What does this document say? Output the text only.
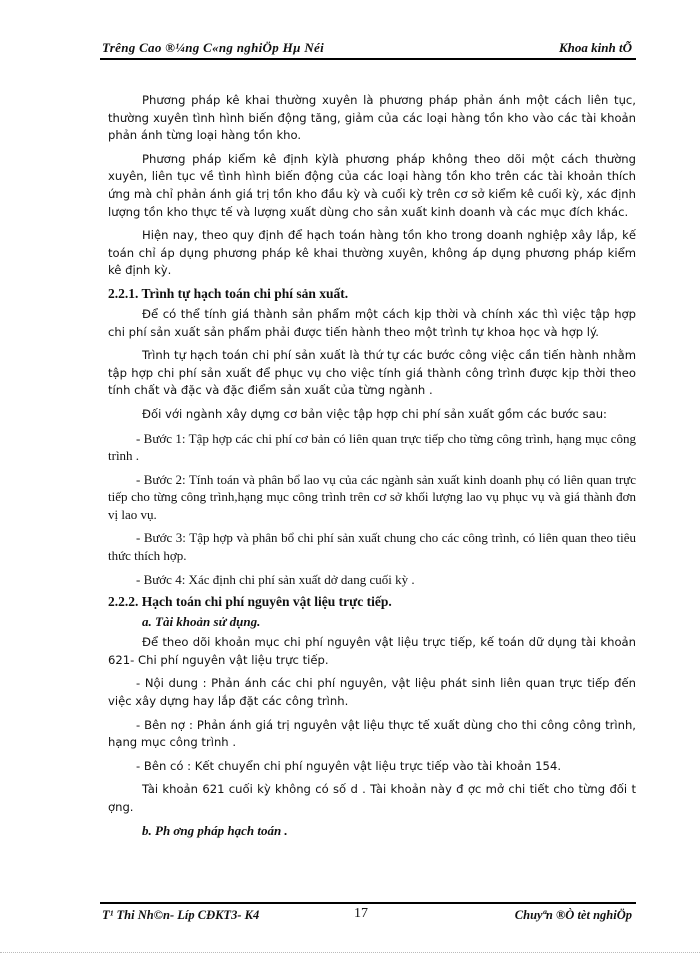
Trêng Cao ®¼ng C«ng nghiÖp Hµ Néi	Khoa kinh tÕ

Phương pháp kê khai thường xuyên là phương pháp phản ánh một cách liên tục, thường xuyên tình hình biến động tăng, giảm của các loại hàng tồn kho vào các tài khoản phản ánh từng loại hàng tồn kho.

Phương pháp kiểm kê định kỳlà phương pháp không theo dõi một cách thường xuyên, liên tục về tình hình biến động của các loại hàng tồn kho trên các tài khoản thích ứng mà chỉ phản ánh giá trị tồn kho đầu kỳ và cuối kỳ trên cơ sở kiểm kê cuối kỳ, xác định lượng tồn kho thực tế và lượng xuất dùng cho sản xuất kinh doanh và các mục đích khác.

Hiện nay, theo quy định để hạch toán hàng tồn kho trong doanh nghiệp xây lắp, kế toán chỉ áp dụng phương pháp kê khai thường xuyên, không áp dụng phương pháp kiểm kê định kỳ.

2.2.1. Trình tự hạch toán chi phí sản xuất.

Để có thể tính giá thành sản phẩm một cách kịp thời và chính xác thì việc tập hợp chi phí sản xuất sản phẩm phải được tiến hành theo một trình tự khoa học và hợp lý.

Trình tự hạch toán chi phí sản xuất là thứ tự các bước công việc cần tiến hành nhằm tập hợp chi phí sản xuất để phục vụ cho việc tính giá thành công trình được kịp thời theo tính chất và đặc và đặc điểm sản xuất của từng ngành .

Đối với ngành xây dựng cơ bản việc tập hợp chi phí sản xuất gồm các bước sau:

- Bước 1: Tập hợp các chi phí cơ bản có liên quan trực tiếp cho từng công trình, hạng mục công trình .

- Bước 2: Tính toán và phân bổ lao vụ của các ngành sản xuất kinh doanh phụ có liên quan trực tiếp cho từng công trình,hạng mục công trình trên cơ sở khối lượng lao vụ phục vụ và giá thành đơn vị lao vụ.

- Bước 3: Tập hợp và phân bổ chi phí sản xuất chung cho các công trình, có liên quan theo tiêu thức thích hợp.

- Bước 4: Xác định chi phí sản xuất dở dang cuối kỳ .

2.2.2. Hạch toán chi phí nguyên vật liệu trực tiếp.
a. Tài khoản sử dụng.

Để theo dõi khoản mục chi phí nguyên vật liệu trực tiếp, kế toán dữ dụng tài khoản 621- Chi phí nguyên vật liệu trực tiếp.

- Nội dung : Phản ánh các chi phí nguyên, vật liệu phát sinh liên quan trực tiếp đến việc xây dựng hay lắp đặt các công trình.

- Bên nợ : Phản ánh giá trị nguyên vật liệu thực tế xuất dùng cho thi công công trình, hạng mục công trình .

- Bên có : Kết chuyển chi phí nguyên vật liệu trực tiếp vào tài khoản 154.

Tài khoản 621 cuối kỳ không có số d . Tài khoản này đ ợc mở chi tiết cho từng đối t ợng.

b. Ph ơng pháp hạch toán .
T¹ Thi Nh©n- Líp CĐKT3- K4	17	Chuyªn ®Ò tèt nghiÖp
